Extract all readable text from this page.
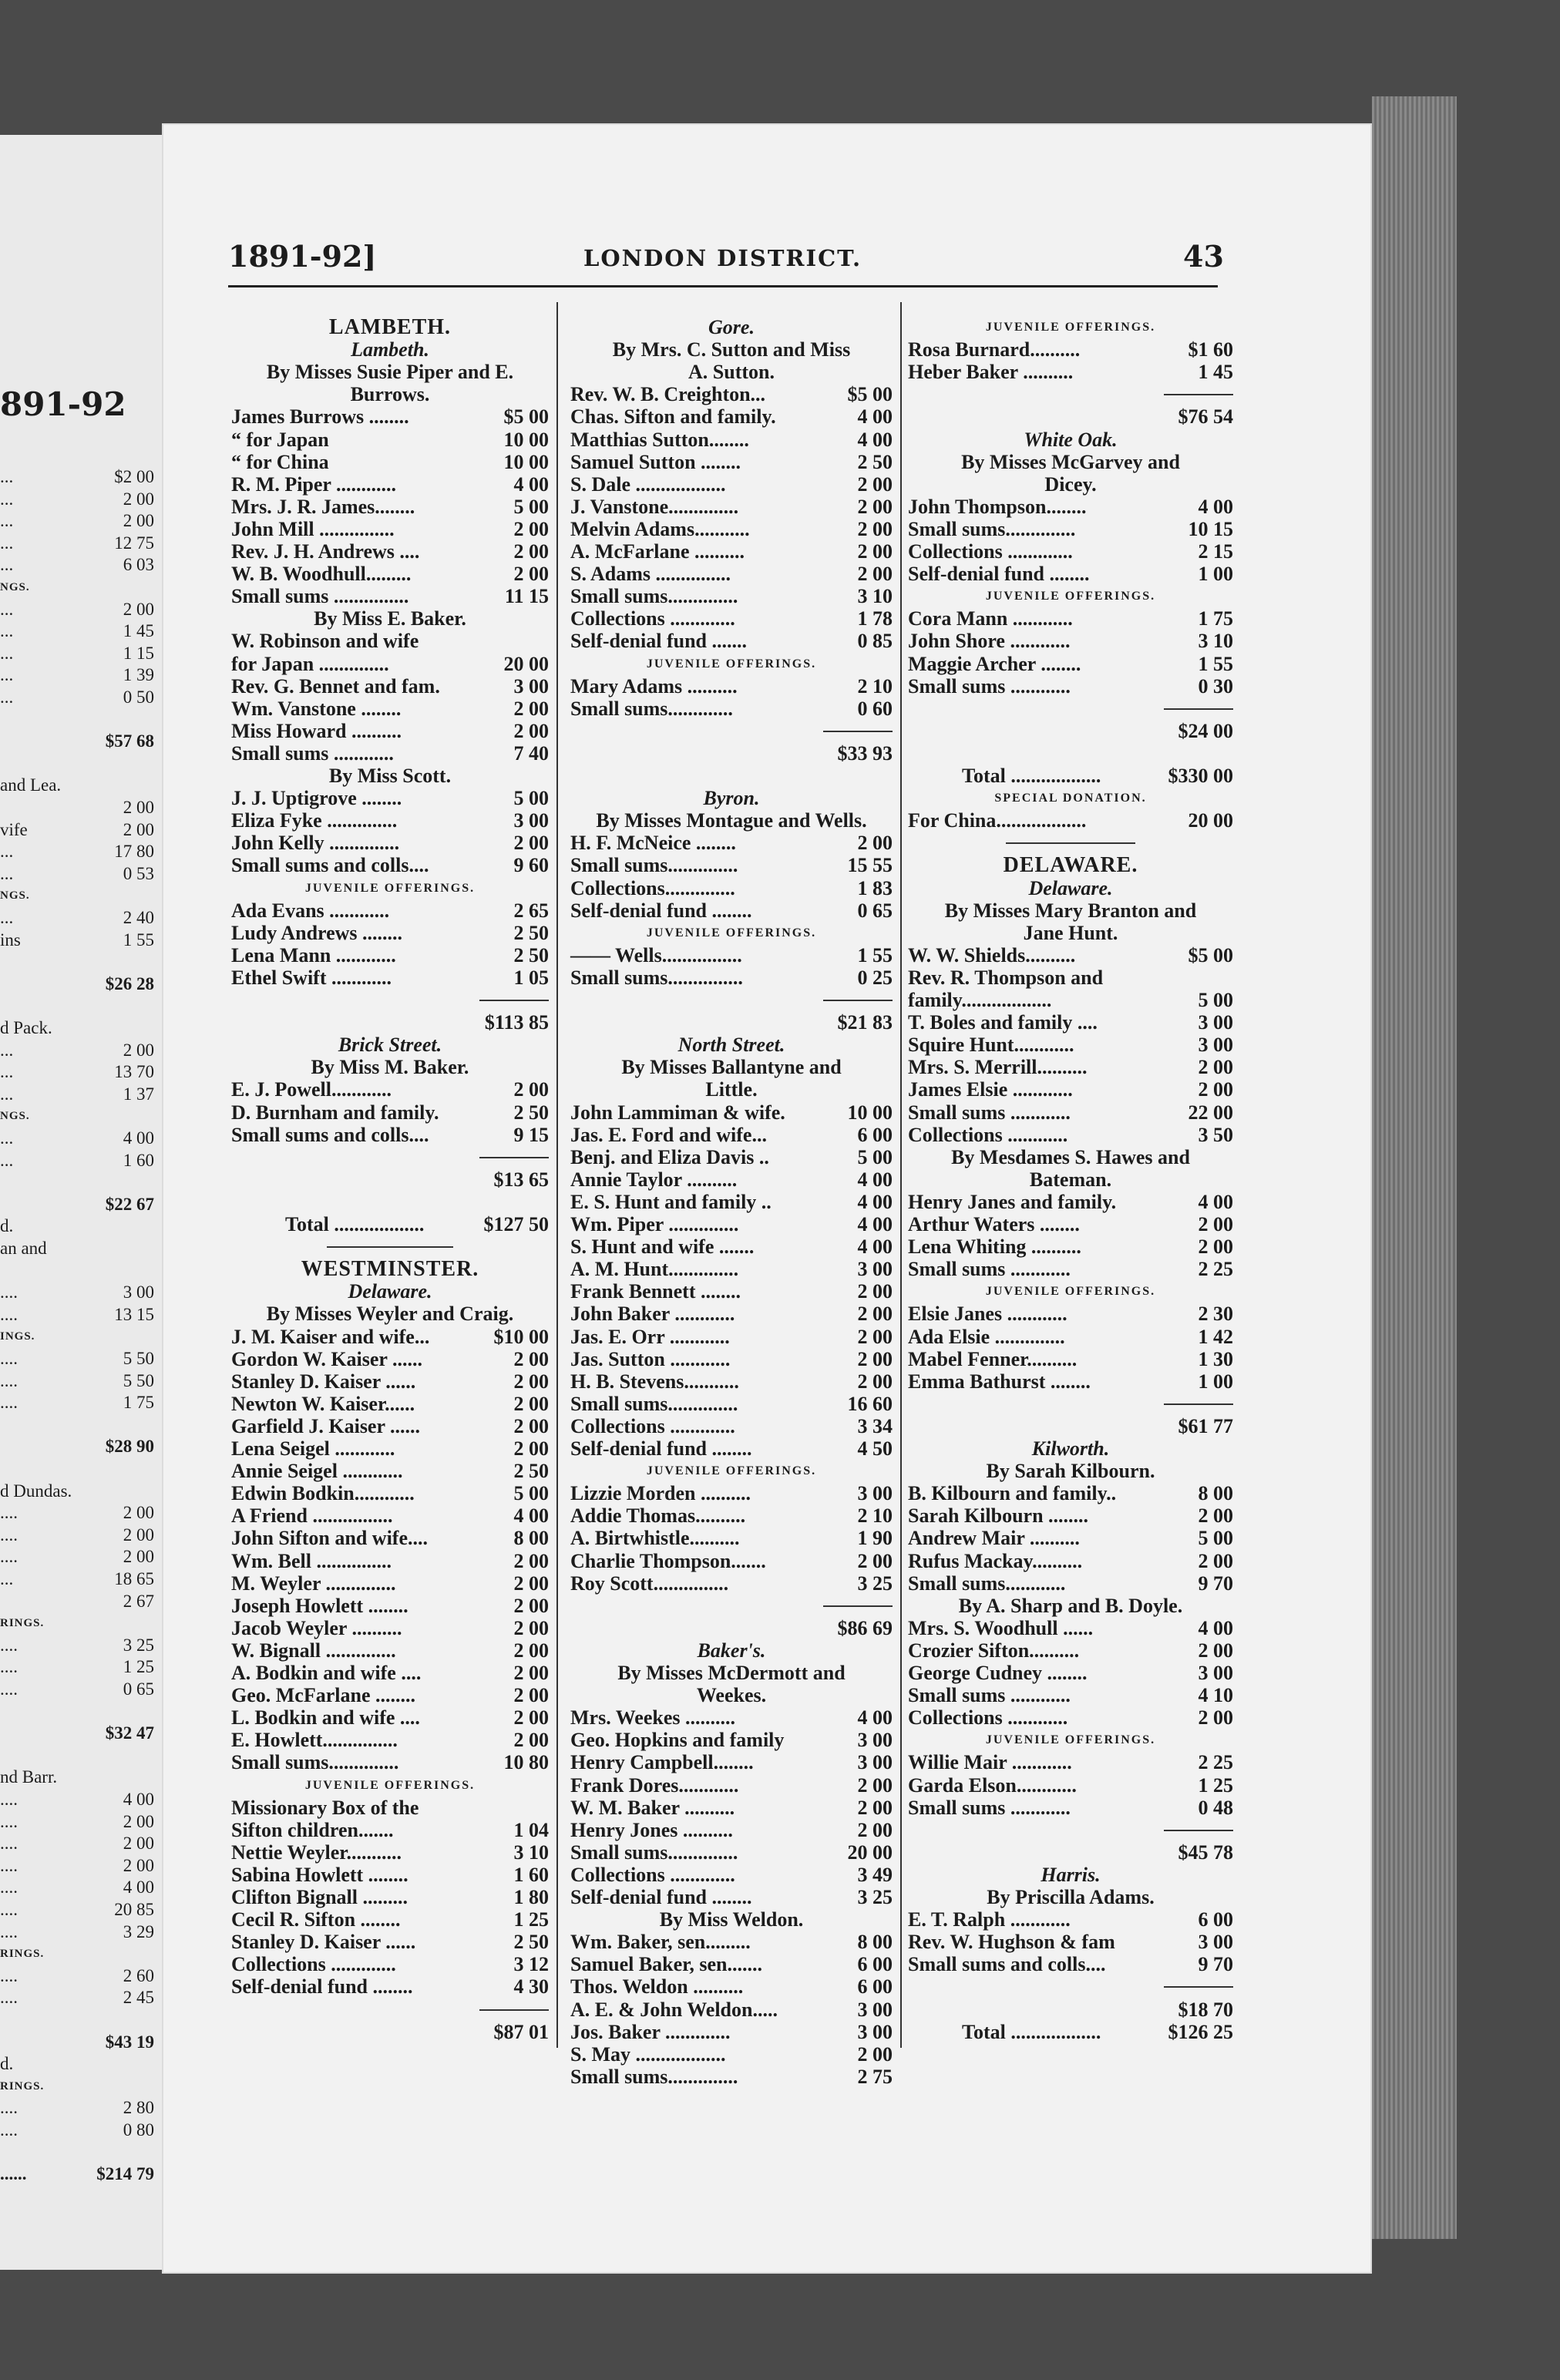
891-92
...	$2 00
...	2 00
...	2 00
...	12 75
...	6 03
NGS.
...	2 00
...	1 45
...	1 15
...	1 39
...	0 50
$57 68
and Lea.
2 00
vife	2 00
...	17 80
...	0 53
NGS.
...	2 40
ins	1 55
$26 28
d Pack.
...	2 00
...	13 70
...	1 37
NGS.
...	4 00
...	1 60
$22 67
d.
an and
....	3 00
....	13 15
INGS.
....	5 50
....	5 50
....	1 75
$28 90
d Dundas.
....	2 00
....	2 00
....	2 00
...	18 65
2 67
RINGS.
....	3 25
....	1 25
....	0 65
$32 47
nd Barr.
....	4 00
....	2 00
....	2 00
....	2 00
....	4 00
....	20 85
....	3 29
RINGS.
....	2 60
....	2 45
$43 19
d.
RINGS.
....	2 80
....	0 80
......	$214 79
1891-92]	LONDON DISTRICT.	43
LAMBETH.
Lambeth.
By Misses Susie Piper and E.
Burrows.
James Burrows ........	$5 00
“ for Japan	10 00
“ for China	10 00
R. M. Piper ............	4 00
Mrs. J. R. James........	5 00
John Mill ...............	2 00
Rev. J. H. Andrews ....	2 00
W. B. Woodhull.........	2 00
Small sums ...............	11 15
By Miss E. Baker.
W. Robinson and wife
for Japan ..............	20 00
Rev. G. Bennet and fam.	3 00
Wm. Vanstone ........	2 00
Miss Howard ..........	2 00
Small sums ............	7 40
By Miss Scott.
J. J. Uptigrove ........	5 00
Eliza Fyke ..............	3 00
John Kelly ..............	2 00
Small sums and colls....	9 60
JUVENILE OFFERINGS.
Ada Evans ............	2 65
Ludy Andrews ........	2 50
Lena Mann ............	2 50
Ethel Swift ............	1 05
$113 85
Brick Street.
By Miss M. Baker.
E. J. Powell............	2 00
D. Burnham and family.	2 50
Small sums and colls....	9 15
$13 65
Total ..................	$127 50
WESTMINSTER.
Delaware.
By Misses Weyler and Craig.
J. M. Kaiser and wife...	$10 00
Gordon W. Kaiser ......	2 00
Stanley D. Kaiser ......	2 00
Newton W. Kaiser......	2 00
Garfield J. Kaiser ......	2 00
Lena Seigel ............	2 00
Annie Seigel ............	2 50
Edwin Bodkin............	5 00
A Friend ................	4 00
John Sifton and wife....	8 00
Wm. Bell ...............	2 00
M. Weyler ..............	2 00
Joseph Howlett ........	2 00
Jacob Weyler ..........	2 00
W. Bignall ..............	2 00
A. Bodkin and wife ....	2 00
Geo. McFarlane ........	2 00
L. Bodkin and wife ....	2 00
E. Howlett...............	2 00
Small sums..............	10 80
JUVENILE OFFERINGS.
Missionary Box of the
Sifton children.......	1 04
Nettie Weyler...........	3 10
Sabina Howlett ........	1 60
Clifton Bignall .........	1 80
Cecil R. Sifton ........	1 25
Stanley D. Kaiser ......	2 50
Collections .............	3 12
Self-denial fund ........	4 30
$87 01
Gore.
By Mrs. C. Sutton and Miss
A. Sutton.
Rev. W. B. Creighton...	$5 00
Chas. Sifton and family.	4 00
Matthias Sutton........	4 00
Samuel Sutton ........	2 50
S. Dale ..................	2 00
J. Vanstone..............	2 00
Melvin Adams...........	2 00
A. McFarlane ..........	2 00
S. Adams ...............	2 00
Small sums..............	3 10
Collections .............	1 78
Self-denial fund .......	0 85
JUVENILE OFFERINGS.
Mary Adams ..........	2 10
Small sums.............	0 60
$33 93
Byron.
By Misses Montague and Wells.
H. F. McNeice ........	2 00
Small sums..............	15 55
Collections..............	1 83
Self-denial fund ........	0 65
JUVENILE OFFERINGS.
—— Wells................	1 55
Small sums...............	0 25
$21 83
North Street.
By Misses Ballantyne and
Little.
John Lammiman & wife.	10 00
Jas. E. Ford and wife...	6 00
Benj. and Eliza Davis ..	5 00
Annie Taylor ..........	4 00
E. S. Hunt and family ..	4 00
Wm. Piper ..............	4 00
S. Hunt and wife .......	4 00
A. M. Hunt..............	3 00
Frank Bennett ........	2 00
John Baker ............	2 00
Jas. E. Orr ............	2 00
Jas. Sutton ............	2 00
H. B. Stevens...........	2 00
Small sums..............	16 60
Collections .............	3 34
Self-denial fund ........	4 50
JUVENILE OFFERINGS.
Lizzie Morden ..........	3 00
Addie Thomas..........	2 10
A. Birtwhistle..........	1 90
Charlie Thompson.......	2 00
Roy Scott...............	3 25
$86 69
Baker's.
By Misses McDermott and
Weekes.
Mrs. Weekes ..........	4 00
Geo. Hopkins and family	3 00
Henry Campbell........	3 00
Frank Dores............	2 00
W. M. Baker ..........	2 00
Henry Jones ..........	2 00
Small sums..............	20 00
Collections .............	3 49
Self-denial fund ........	3 25
By Miss Weldon.
Wm. Baker, sen.........	8 00
Samuel Baker, sen.......	6 00
Thos. Weldon ..........	6 00
A. E. & John Weldon.....	3 00
Jos. Baker .............	3 00
S. May ..................	2 00
Small sums..............	2 75
JUVENILE OFFERINGS.
Rosa Burnard..........	$1 60
Heber Baker ..........	1 45
$76 54
White Oak.
By Misses McGarvey and
Dicey.
John Thompson........	4 00
Small sums..............	10 15
Collections .............	2 15
Self-denial fund ........	1 00
JUVENILE OFFERINGS.
Cora Mann ............	1 75
John Shore ............	3 10
Maggie Archer ........	1 55
Small sums ............	0 30
$24 00
Total ..................	$330 00
SPECIAL DONATION.
For China..................	20 00
DELAWARE.
Delaware.
By Misses Mary Branton and
Jane Hunt.
W. W. Shields..........	$5 00
Rev. R. Thompson and
family..................	5 00
T. Boles and family ....	3 00
Squire Hunt............	3 00
Mrs. S. Merrill..........	2 00
James Elsie ............	2 00
Small sums ............	22 00
Collections ............	3 50
By Mesdames S. Hawes and
Bateman.
Henry Janes and family.	4 00
Arthur Waters ........	2 00
Lena Whiting ..........	2 00
Small sums ............	2 25
JUVENILE OFFERINGS.
Elsie Janes ............	2 30
Ada Elsie ..............	1 42
Mabel Fenner..........	1 30
Emma Bathurst ........	1 00
$61 77
Kilworth.
By Sarah Kilbourn.
B. Kilbourn and family..	8 00
Sarah Kilbourn ........	2 00
Andrew Mair ..........	5 00
Rufus Mackay..........	2 00
Small sums............	9 70
By A. Sharp and B. Doyle.
Mrs. S. Woodhull ......	4 00
Crozier Sifton..........	2 00
George Cudney ........	3 00
Small sums ............	4 10
Collections ............	2 00
JUVENILE OFFERINGS.
Willie Mair ............	2 25
Garda Elson............	1 25
Small sums ............	0 48
$45 78
Harris.
By Priscilla Adams.
E. T. Ralph ............	6 00
Rev. W. Hughson & fam	3 00
Small sums and colls....	9 70
$18 70
Total ..................	$126 25
